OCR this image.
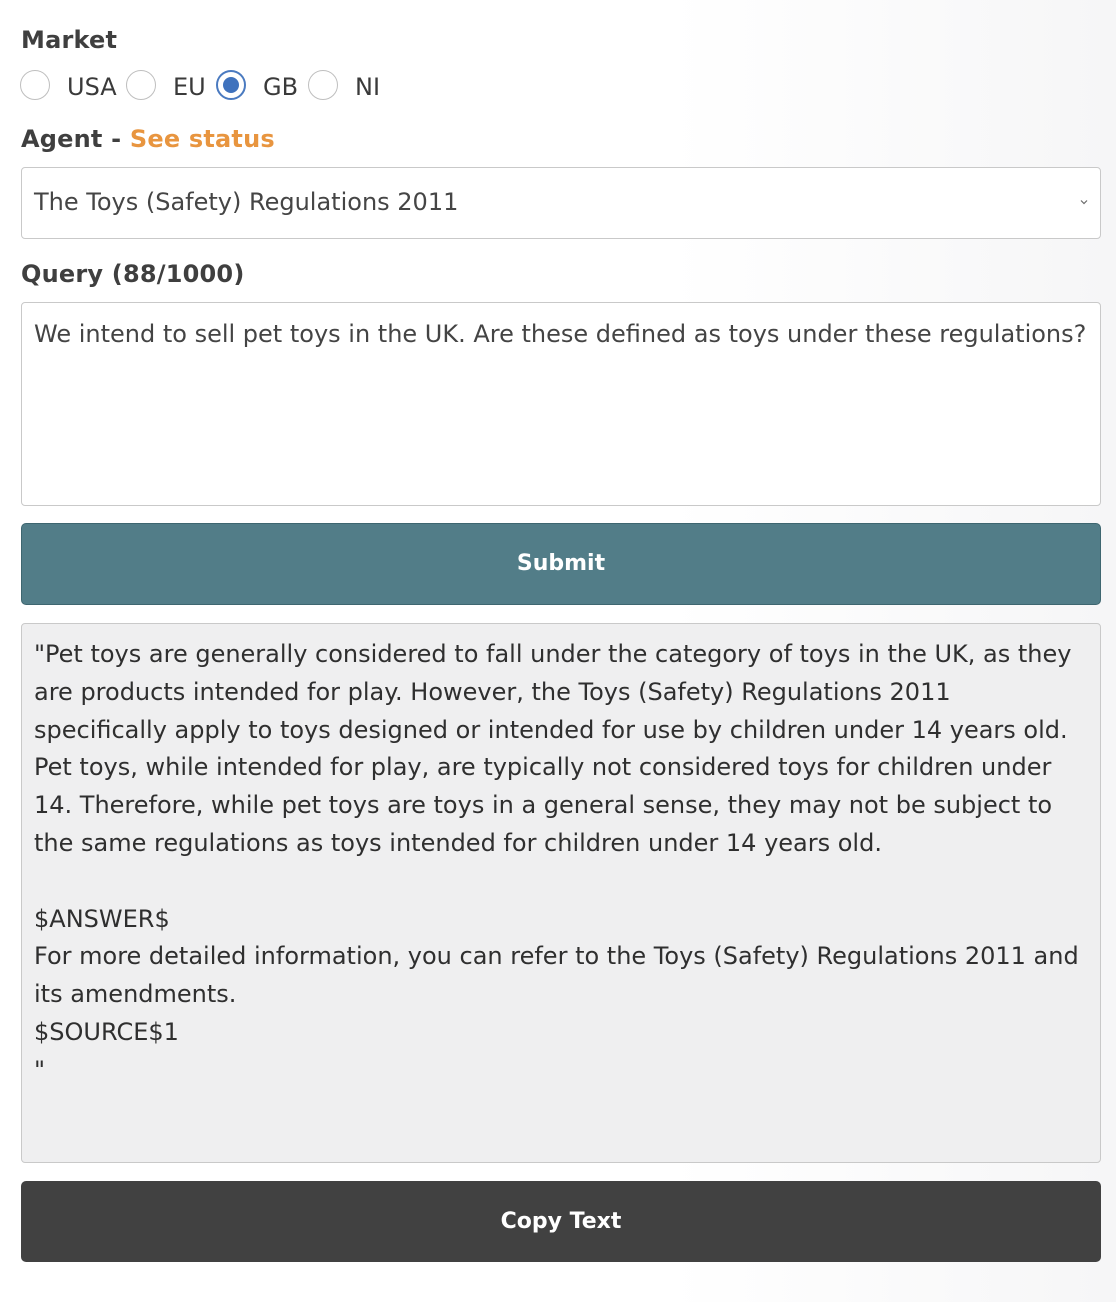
Market
USA EU GB NI
Agent - See status
The Toys (Safety) Regulations 2011
Query (88/1000)
We intend to sell pet toys in the UK. Are these defined as toys under these regulations?
Submit
"Pet toys are generally considered to fall under the category of toys in the UK, as they are products intended for play. However, the Toys (Safety) Regulations 2011 specifically apply to toys designed or intended for use by children under 14 years old. Pet toys, while intended for play, are typically not considered toys for children under 14. Therefore, while pet toys are toys in a general sense, they may not be subject to the same regulations as toys intended for children under 14 years old.

$ANSWER$
For more detailed information, you can refer to the Toys (Safety) Regulations 2011 and its amendments.
$SOURCE$1
"
Copy Text
